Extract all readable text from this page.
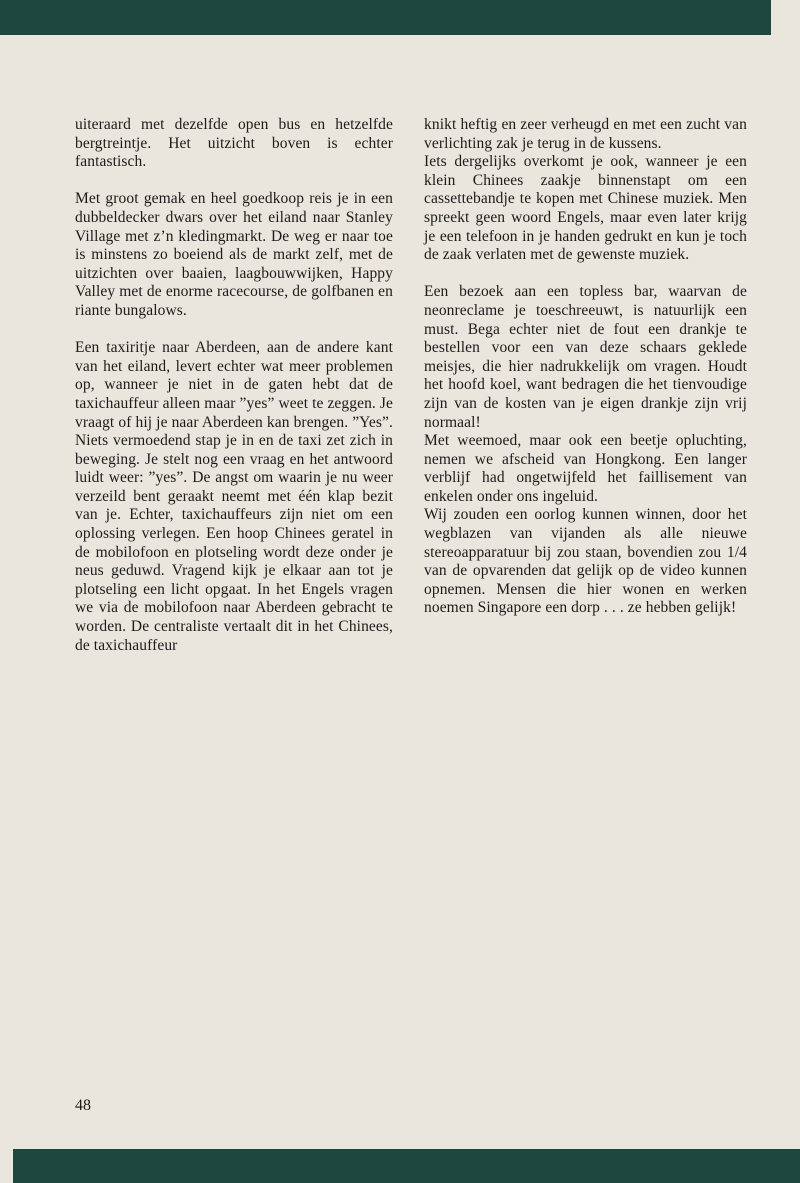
uiteraard met dezelfde open bus en hetzelfde bergtreintje. Het uitzicht boven is echter fantastisch.

Met groot gemak en heel goedkoop reis je in een dubbeldecker dwars over het eiland naar Stanley Village met z’n kledingmarkt. De weg er naar toe is minstens zo boeiend als de markt zelf, met de uitzichten over baaien, laagbouwwijken, Happy Valley met de enorme racecourse, de golfbanen en riante bungalows.

Een taxiritje naar Aberdeen, aan de andere kant van het eiland, levert echter wat meer problemen op, wanneer je niet in de gaten hebt dat de taxichauffeur alleen maar ”yes” weet te zeggen. Je vraagt of hij je naar Aberdeen kan brengen. ”Yes”. Niets vermoedend stap je in en de taxi zet zich in beweging. Je stelt nog een vraag en het antwoord luidt weer: ”yes”. De angst om waarin je nu weer verzeild bent geraakt neemt met één klap bezit van je. Echter, taxichauffeurs zijn niet om een oplossing verlegen. Een hoop Chinees geratel in de mobilofoon en plotseling wordt deze onder je neus geduwd. Vragend kijk je elkaar aan tot je plotseling een licht opgaat. In het Engels vragen we via de mobilofoon naar Aberdeen gebracht te worden. De centraliste vertaalt dit in het Chinees, de taxichauffeur

knikt heftig en zeer verheugd en met een zucht van verlichting zak je terug in de kussens.

Iets dergelijks overkomt je ook, wanneer je een klein Chinees zaakje binnenstapt om een cassettebandje te kopen met Chinese muziek. Men spreekt geen woord Engels, maar even later krijg je een telefoon in je handen gedrukt en kun je toch de zaak verlaten met de gewenste muziek.

Een bezoek aan een topless bar, waarvan de neonreclame je toeschreeuwt, is natuurlijk een must. Bega echter niet de fout een drankje te bestellen voor een van deze schaars geklede meisjes, die hier nadrukkelijk om vragen. Houdt het hoofd koel, want bedragen die het tienvoudige zijn van de kosten van je eigen drankje zijn vrij normaal!

Met weemoed, maar ook een beetje opluchting, nemen we afscheid van Hongkong. Een langer verblijf had ongetwijfeld het faillisement van enkelen onder ons ingeluid.

Wij zouden een oorlog kunnen winnen, door het wegblazen van vijanden als alle nieuwe stereoapparatuur bij zou staan, bovendien zou 1/4 van de opvarenden dat gelijk op de video kunnen opnemen. Mensen die hier wonen en werken noemen Singapore een dorp . . . ze hebben gelijk!

48
